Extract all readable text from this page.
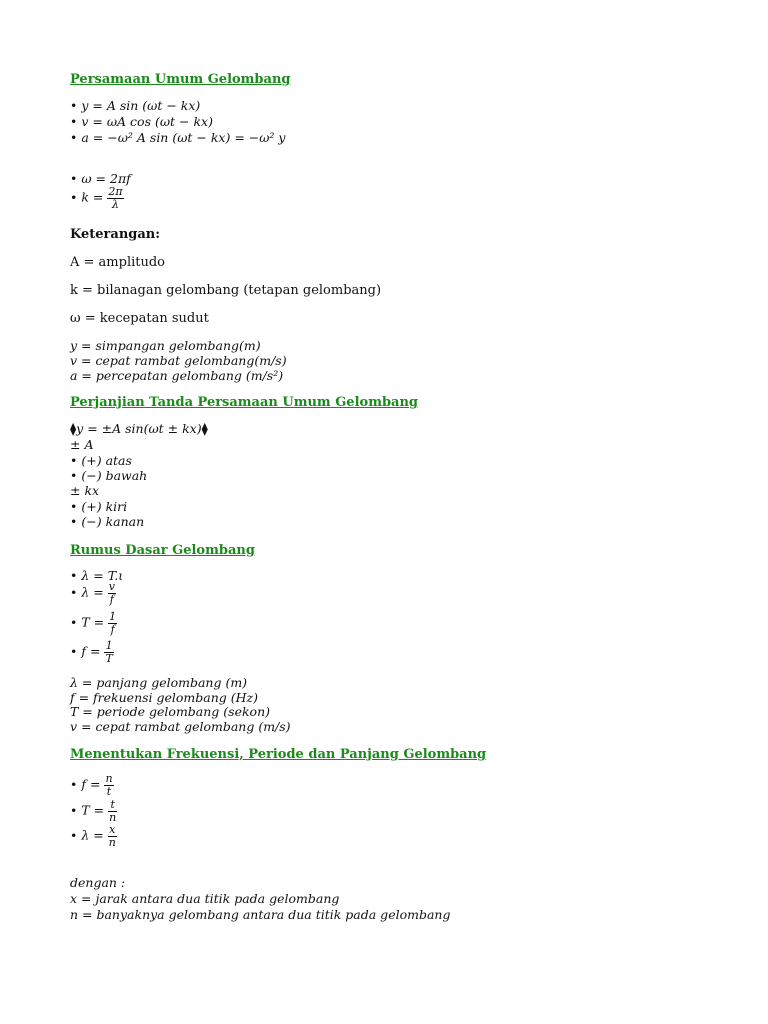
Persamaan Umum Gelombang
• y = A sin (ωt − kx)
• v = ωA cos (ωt − kx)
• a = −ω² A sin (ωt − kx) = −ω² y
• ω = 2πf
• $k = \frac{2\pi}{\lambda}$
Keterangan:
A = amplitudo
k = bilanagan gelombang (tetapan gelombang)
ω = kecepatan sudut
y = simpangan gelombang(m)
v = cepat rambat gelombang(m/s)
a = percepatan gelombang (m/s²)
Perjanjian Tanda Persamaan Umum Gelombang
⧫y = ±A sin(ωt ± kx)⧫
± A
• (+) atas
• (−) bawah
± kx
• (+) kiri
• (−) kanan
Rumus Dasar Gelombang
• λ = T.ι
• $\lambda = \frac{v}{f}$
• $T = \frac{1}{f}$
• $f = \frac{1}{T}$
λ = panjang gelombang (m)
f = frekuensi gelombang (Hz)
T = periode gelombang (sekon)
v = cepat rambat gelombang (m/s)
Menentukan Frekuensi, Periode dan Panjang Gelombang
• $f = \frac{n}{t}$
• $T = \frac{t}{n}$
• $\lambda = \frac{x}{n}$
dengan :
x = jarak antara dua titik pada gelombang
n = banyaknya gelombang antara dua titik pada gelombang
